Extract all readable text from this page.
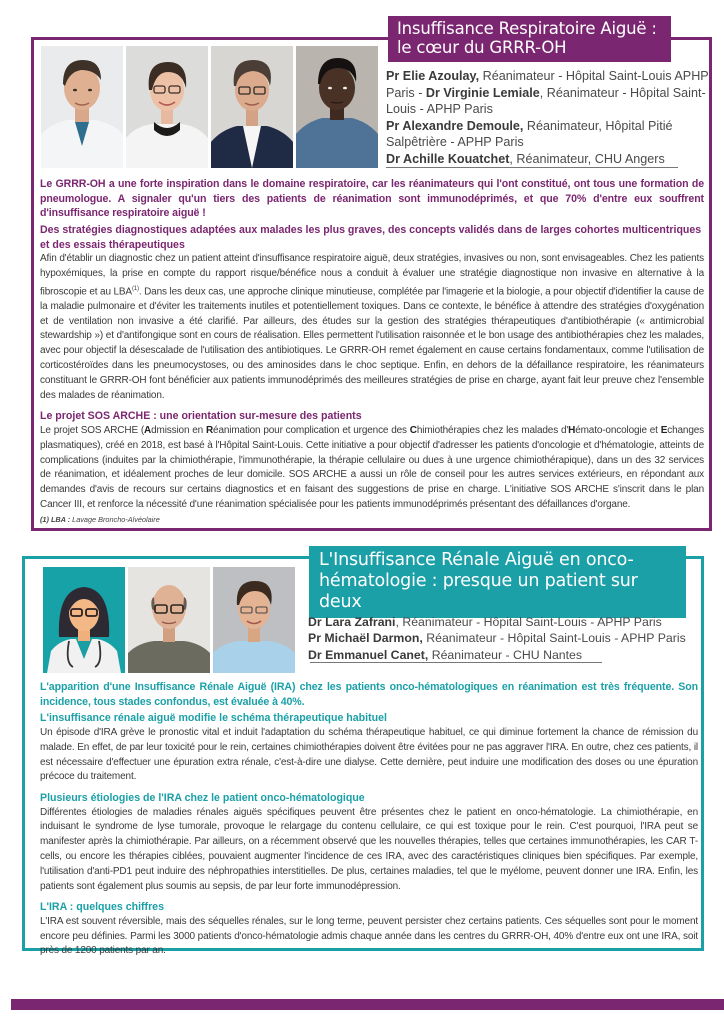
Insuffisance Respiratoire Aiguë :
le cœur du GRRR-OH
Pr Elie Azoulay, Réanimateur - Hôpital Saint-Louis APHP Paris - Dr Virginie Lemiale, Réanimateur - Hôpital Saint-Louis - APHP Paris
Pr Alexandre Demoule, Réanimateur, Hôpital Pitié Salpêtrière - APHP Paris
Dr Achille Kouatchet, Réanimateur, CHU Angers

Le GRRR-OH a une forte inspiration dans le domaine respiratoire, car les réanimateurs qui l'ont constitué, ont tous une formation de pneumologue. A signaler qu'un tiers des patients de réanimation sont immunodéprimés, et que 70% d'entre eux souffrent d'insuffisance respiratoire aiguë !

Des stratégies diagnostiques adaptées aux malades les plus graves, des concepts validés dans de larges cohortes multicentriques et des essais thérapeutiques

Afin d'établir un diagnostic chez un patient atteint d'insuffisance respiratoire aiguë, deux stratégies, invasives ou non, sont envisageables. Chez les patients hypoxémiques, la prise en compte du rapport risque/bénéfice nous a conduit à évaluer une stratégie diagnostique non invasive en alternative à la fibroscopie et au LBA$^{(1)}$. Dans les deux cas, une approche clinique minutieuse, complétée par l'imagerie et la biologie, a pour objectif d'identifier la cause de la maladie pulmonaire et d'éviter les traitements inutiles et potentiellement toxiques. Dans ce contexte, le bénéfice à attendre des stratégies d'oxygénation et de ventilation non invasive a été clarifié. Par ailleurs, des études sur la gestion des stratégies thérapeutiques d'antibiothérapie (« antimicrobial stewardship ») et d'antifongique sont en cours de réalisation. Elles permettent l'utilisation raisonnée et le bon usage des antibiothérapies chez les malades, avec pour objectif la désescalade de l'utilisation des antibiotiques. Le GRRR-OH remet également en cause certains fondamentaux, comme l'utilisation de corticostéroïdes dans les pneumocystoses, ou des aminosides dans le choc septique. Enfin, en dehors de la défaillance respiratoire, les réanimateurs constituant le GRRR-OH font bénéficier aux patients immunodéprimés des meilleures stratégies de prise en charge, ayant fait leur preuve chez l'ensemble des malades de réanimation.

Le projet SOS ARCHE : une orientation sur-mesure des patients

Le projet SOS ARCHE (Admission en Réanimation pour complication et urgence des Chimiothérapies chez les malades d'Hémato-oncologie et Echanges plasmatiques), créé en 2018, est basé à l'Hôpital Saint-Louis. Cette initiative a pour objectif d'adresser les patients d'oncologie et d'hématologie, atteints de complications (induites par la chimiothérapie, l'immunothérapie, la thérapie cellulaire ou dues à une urgence chimiothérapique), dans un des 32 services de réanimation, et idéalement proches de leur domicile. SOS ARCHE a aussi un rôle de conseil pour les autres services extérieurs, en répondant aux demandes d'avis de recours sur certains diagnostics et en faisant des suggestions de prise en charge. L'initiative SOS ARCHE s'inscrit dans le plan Cancer III, et renforce la nécessité d'une réanimation spécialisée pour les patients immunodéprimés présentant des défaillances d'organe.

(1) LBA : Lavage Broncho-Alvéolaire

L'Insuffisance Rénale Aiguë en onco-
hématologie : presque un patient sur deux
Dr Lara Zafrani, Réanimateur - Hôpital Saint-Louis - APHP Paris
Pr Michaël Darmon, Réanimateur - Hôpital Saint-Louis - APHP Paris
Dr Emmanuel Canet, Réanimateur - CHU Nantes

L'apparition d'une Insuffisance Rénale Aiguë (IRA) chez les patients onco-hématologiques en réanimation est très fréquente. Son incidence, tous stades confondus, est évaluée à 40%.

L'insuffisance rénale aiguë modifie le schéma thérapeutique habituel

Un épisode d'IRA grève le pronostic vital et induit l'adaptation du schéma thérapeutique habituel, ce qui diminue fortement la chance de rémission du malade. En effet, de par leur toxicité pour le rein, certaines chimiothérapies doivent être évitées pour ne pas aggraver l'IRA. En outre, chez ces patients, il est nécessaire d'effectuer une épuration extra rénale, c'est-à-dire une dialyse. Cette dernière, peut induire une modification des doses ou une épuration précoce du traitement.

Plusieurs étiologies de l'IRA chez le patient onco-hématologique

Différentes étiologies de maladies rénales aiguës spécifiques peuvent être présentes chez le patient en onco-hématologie. La chimiothérapie, en induisant le syndrome de lyse tumorale, provoque le relargage du contenu cellulaire, ce qui est toxique pour le rein. C'est pourquoi, l'IRA peut se manifester après la chimiothérapie. Par ailleurs, on a récemment observé que les nouvelles thérapies, telles que certaines immunothérapies, les CAR T-cells, ou encore les thérapies ciblées, pouvaient augmenter l'incidence de ces IRA, avec des caractéristiques cliniques bien spécifiques. Par exemple, l'utilisation d'anti-PD1 peut induire des néphropathies interstitielles. De plus, certaines maladies, tel que le myélome, peuvent donner une IRA. Enfin, les patients sont également plus soumis au sepsis, de par leur forte immunodépression.

L'IRA : quelques chiffres

L'IRA est souvent réversible, mais des séquelles rénales, sur le long terme, peuvent persister chez certains patients. Ces séquelles sont pour le moment encore peu définies. Parmi les 3000 patients d'onco-hématologie admis chaque année dans les centres du GRRR-OH, 40% d'entre eux ont une IRA, soit près de 1200 patients par an.
